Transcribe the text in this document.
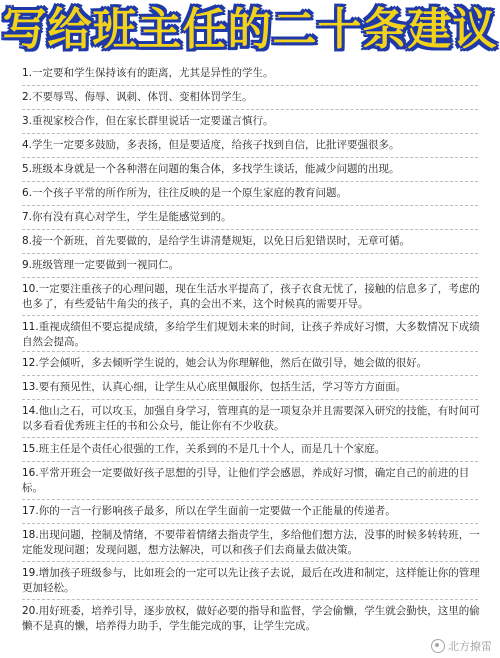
写给班主任的二十条建议
1.一定要和学生保持该有的距离，尤其是异性的学生。
2.不要辱骂、侮辱、讽刺、体罚、变相体罚学生。
3.重视家校合作，但在家长群里说话一定要谨言慎行。
4.学生一定要多鼓励，多表扬，但是要适度，给孩子找到自信，比批评要强很多。
5.班级本身就是一个各种潜在问题的集合体，多找学生谈话，能减少问题的出现。
6.一个孩子平常的所作所为，往往反映的是一个原生家庭的教育问题。
7.你有没有真心对学生，学生是能感觉到的。
8.接一个新班，首先要做的，是给学生讲清楚规矩，以免日后犯错误时，无章可循。
9.班级管理一定要做到一视同仁。
10.一定要注重孩子的心理问题，现在生活水平提高了，孩子衣食无忧了，接触的信息多了，考虑的也多了，有些爱钻牛角尖的孩子，真的会出不来，这个时候真的需要开导。
11.重视成绩但不要忘提成绩，多给学生们规划未来的时间，让孩子养成好习惯，大多数情况下成绩自然会提高。
12.学会倾听，多去倾听学生说的，她会认为你理解他，然后在做引导，她会做的很好。
13.要有预见性，认真心细，让学生从心底里佩服你，包括生活，学习等方方面面。
14.他山之石，可以攻玉，加强自身学习，管理真的是一项复杂并且需要深入研究的技能，有时间可以多看看优秀班主任的书和公众号，能让你有不少收获。
15.班主任是个责任心很强的工作，关系到的不是几十个人，而是几十个家庭。
16.平常开班会一定要做好孩子思想的引导，让他们学会感恩，养成好习惯，确定自己的前进的目标。
17.你的一言一行影响孩子最多，所以在学生面前一定要做一个正能量的传递者。
18.出现问题，控制及情绪，不要带着情绪去指责学生，多给他们想方法，没事的时候多转转班，一定能发现问题；发现问题，想方法解决，可以和孩子们去商量去做决策。
19.增加孩子班级参与，比如班会的一定可以先让孩子去说，最后在改进和制定，这样能让你的管理更加轻松。
20.用好班委，培养引导，逐步放权，做好必要的指导和监督，学会偷懒，学生就会勤快，这里的偷懒不是真的懒，培养得力助手，学生能完成的事，让学生完成。
北方撩雷
